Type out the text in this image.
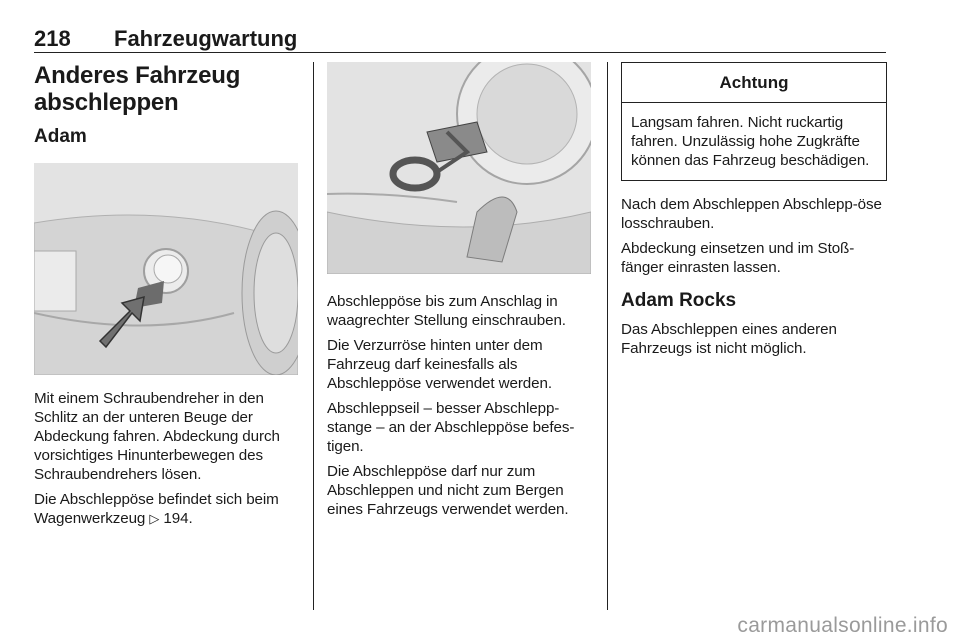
218 Fahrzeugwartung
Anderes Fahrzeug abschleppen
Adam

Mit einem Schraubendreher in den Schlitz an der unteren Beuge der Abdeckung fahren. Abdeckung durch vorsichtiges Hinunterbewegen des Schraubendrehers lösen.

Die Abschleppöse befindet sich beim Wagenwerkzeug ▷ 194.

Abschleppöse bis zum Anschlag in waagrechter Stellung einschrauben.

Die Verzurröse hinten unter dem Fahrzeug darf keinesfalls als Abschleppöse verwendet werden.

Abschleppseil – besser Abschlepp-stange – an der Abschleppöse befes-tigen.

Die Abschleppöse darf nur zum Abschleppen und nicht zum Bergen eines Fahrzeugs verwendet werden.

Achtung

Langsam fahren. Nicht ruckartig fahren. Unzulässig hohe Zugkräfte können das Fahrzeug beschädigen.

Nach dem Abschleppen Abschlepp-öse losschrauben.

Abdeckung einsetzen und im Stoß-fänger einrasten lassen.

Adam Rocks

Das Abschleppen eines anderen Fahrzeugs ist nicht möglich.

carmanualsonline.info
